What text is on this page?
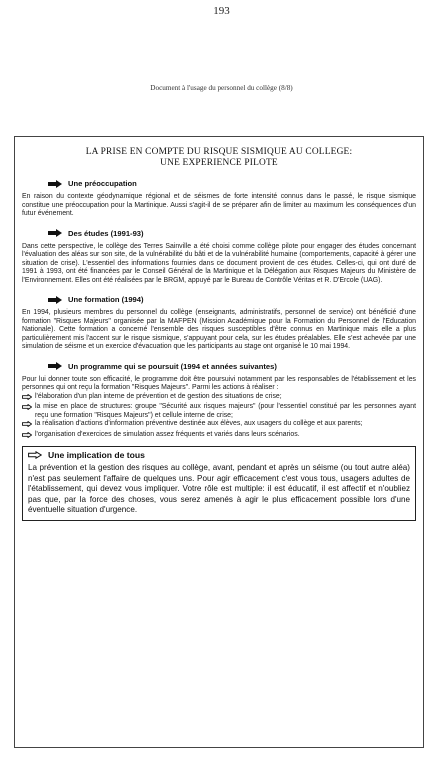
193
Document à l'usage du personnel du collège (8/8)
LA PRISE EN COMPTE DU RISQUE SISMIQUE AU COLLEGE:
UNE EXPERIENCE PILOTE
Une préoccupation

En raison du contexte géodynamique régional et de séismes de forte intensité connus dans le passé, le risque sismique constitue une préoccupation pour la Martinique. Aussi s'agit-il de se préparer afin de limiter au maximum les conséquences d'un futur événement.

Des études (1991-93)

Dans cette perspective, le collège des Terres Sainville a été choisi comme collège pilote pour engager des études concernant l'évaluation des aléas sur son site, de la vulnérabilité du bâti et de la vulnérabilité humaine (comportements, capacité à gérer une situation de crise). L'essentiel des informations fournies dans ce document provient de ces études. Celles-ci, qui ont duré de 1991 à 1993, ont été financées par le Conseil Général de la Martinique et la Délégation aux Risques Majeurs du Ministère de l'Environnement. Elles ont été réalisées par le BRGM, appuyé par le Bureau de Contrôle Véritas et R. D'Ercole (UAG).

Une formation (1994)

En 1994, plusieurs membres du personnel du collège (enseignants, administratifs, personnel de service) ont bénéficié d'une formation "Risques Majeurs" organisée par la MAFPEN (Mission Académique pour la Formation du Personnel de l'Education Nationale). Cette formation a concerné l'ensemble des risques susceptibles d'être connus en Martinique mais elle a plus particulièrement mis l'accent sur le risque sismique, s'appuyant pour cela, sur les études préalables. Elle s'est achevée par une simulation de séisme et un exercice d'évacuation que les participants au stage ont organisé le 10 mai 1994.

Un programme qui se poursuit (1994 et années suivantes)

Pour lui donner toute son efficacité, le programme doit être poursuivi notamment par les responsables de l'établissement et les personnes qui ont reçu la formation "Risques Majeurs". Parmi les actions à réaliser :

l'élaboration d'un plan interne de prévention et de gestion des situations de crise;
la mise en place de structures: groupe "Sécurité aux risques majeurs" (pour l'essentiel constitué par les personnes ayant reçu une formation "Risques Majeurs") et cellule interne de crise;
la réalisation d'actions d'information préventive destinée aux élèves, aux usagers du collège et aux parents;
l'organisation d'exercices de simulation assez fréquents et variés dans leurs scénarios.
Une implication de tous
La prévention et la gestion des risques au collège, avant, pendant et après un séisme (ou tout autre aléa) n'est pas seulement l'affaire de quelques uns. Pour agir efficacement c'est vous tous, usagers adultes de l'établissement, qui devez vous impliquer. Votre rôle est multiple: il est éducatif, il est affectif et n'oubliez pas que, par la force des choses, vous serez amenés à agir le plus efficacement possible lors d'une éventuelle situation d'urgence.
